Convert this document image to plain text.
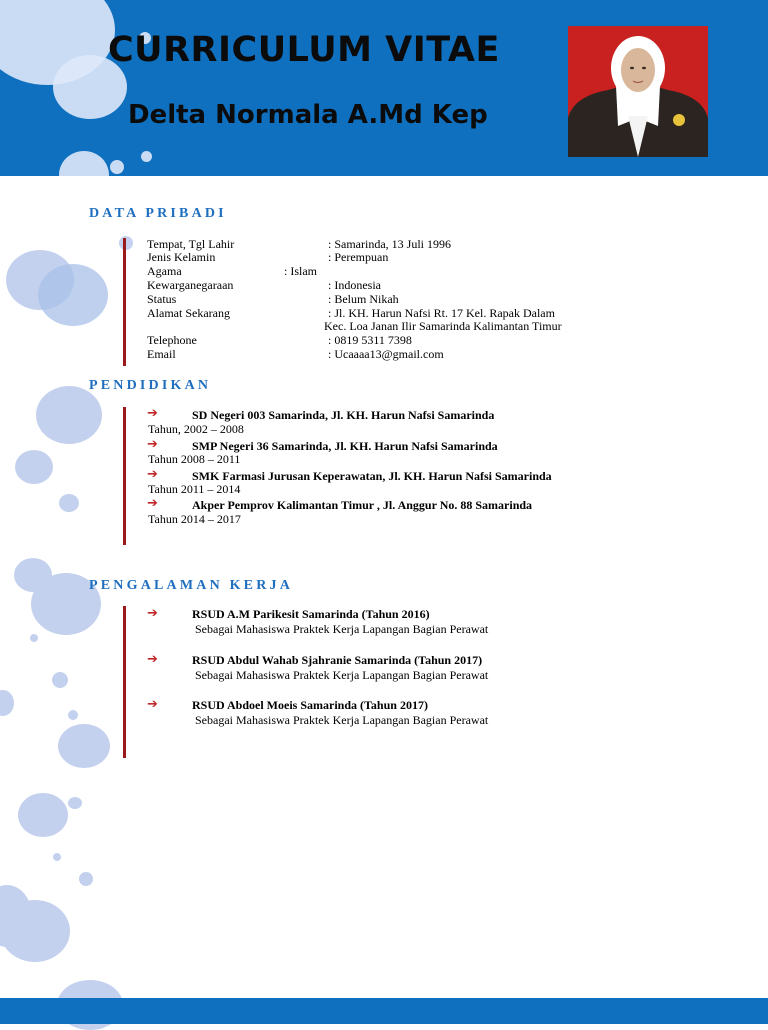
CURRICULUM VITAE
Delta Normala A.Md Kep
DATA PRIBADI
Tempat, Tgl Lahir	: Samarinda, 13 Juli 1996
Jenis Kelamin	: Perempuan
Agama	: Islam
Kewarganegaraan	: Indonesia
Status	: Belum Nikah
Alamat Sekarang	: Jl. KH. Harun Nafsi Rt. 17 Kel. Rapak Dalam
Kec. Loa Janan Ilir Samarinda Kalimantan Timur
Telephone	: 0819 5311 7398
Email	: Ucaaaa13@gmail.com
PENDIDIKAN
➔	SD Negeri 003 Samarinda, Jl. KH. Harun Nafsi Samarinda
Tahun, 2002 – 2008
➔	SMP Negeri 36 Samarinda, Jl. KH. Harun Nafsi Samarinda
Tahun 2008 – 2011
➔	SMK Farmasi Jurusan Keperawatan, Jl. KH. Harun Nafsi Samarinda
Tahun 2011 – 2014
➔	Akper Pemprov Kalimantan Timur , Jl. Anggur No. 88 Samarinda
Tahun 2014 – 2017
PENGALAMAN KERJA
➔	RSUD A.M Parikesit Samarinda (Tahun 2016)
Sebagai Mahasiswa Praktek Kerja Lapangan Bagian Perawat
➔	RSUD Abdul Wahab Sjahranie Samarinda (Tahun 2017)
Sebagai Mahasiswa Praktek Kerja Lapangan Bagian Perawat
➔	RSUD Abdoel Moeis Samarinda (Tahun 2017)
Sebagai Mahasiswa Praktek Kerja Lapangan Bagian Perawat
